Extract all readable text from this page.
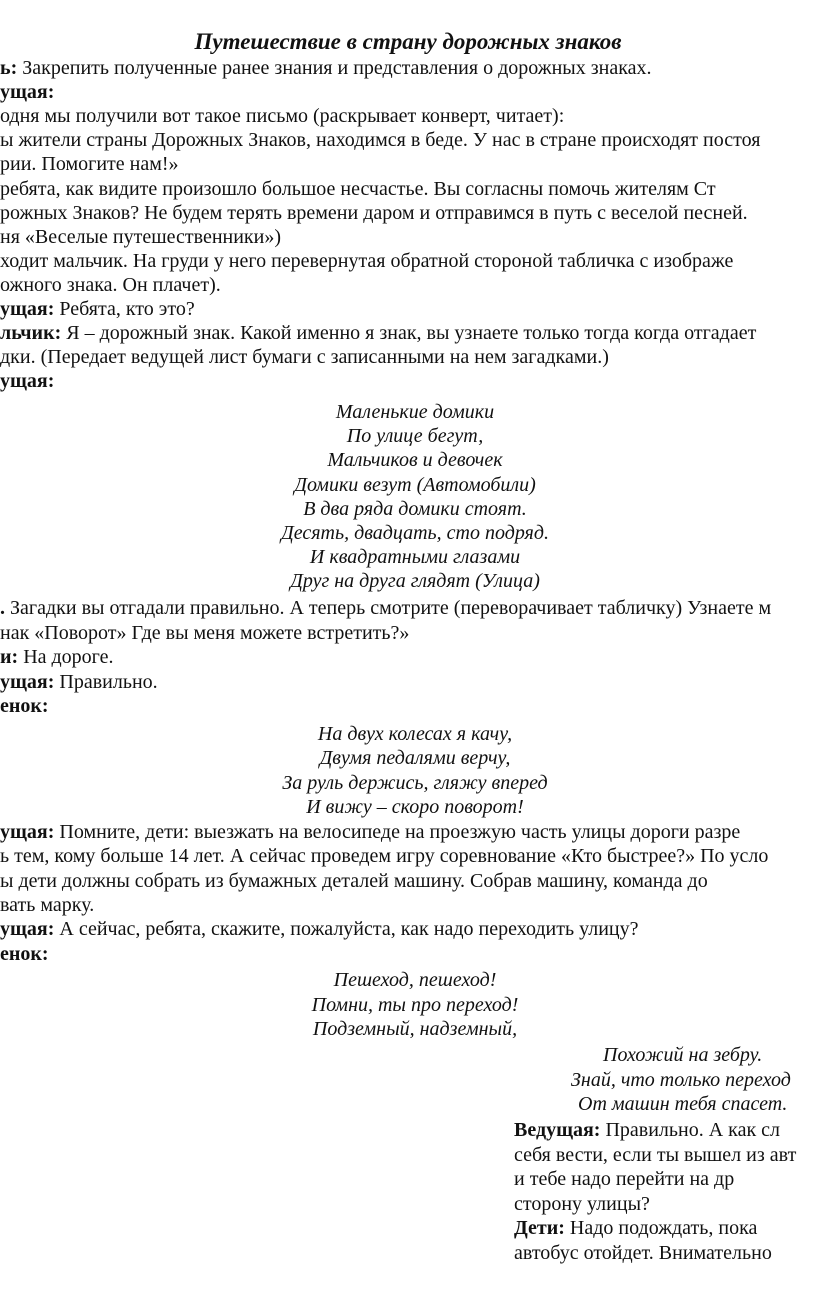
Путешествие в страну дорожных знаков
ь: Закрепить полученные ранее знания и представления о дорожных знаках.
ущая:
одня мы получили вот такое письмо (раскрывает конверт, читает):
ы жители страны Дорожных Знаков, находимся в беде. У нас в стране происходят постоя
рии. Помогите нам!»
ребята, как видите произошло большое несчастье. Вы согласны помочь жителям Ст
рожных Знаков? Не будем терять времени даром и отправимся в путь с веселой песней.
ня «Веселые путешественники»)
ходит мальчик. На груди у него перевернутая обратной стороной табличка с изображе
ожного знака. Он плачет).
ущая: Ребята, кто это?
льчик: Я – дорожный знак. Какой именно я знак, вы узнаете только тогда когда отгадает
дки. (Передает ведущей лист бумаги с записанными на нем загадками.)
ущая:
Маленькие домики
По улице бегут,
Мальчиков и девочек
Домики везут (Автомобили)
В два ряда домики стоят.
Десять, двадцать, сто подряд.
И квадратными глазами
Друг на друга глядят (Улица)
. Загадки вы отгадали правильно. А теперь смотрите (переворачивает табличку) Узнаете м
нак «Поворот» Где вы меня можете встретить?»
и: На дороге.
ущая: Правильно.
енок:
На двух колесах я качу,
Двумя педалями верчу,
За руль держись, гляжу вперед
И вижу – скоро поворот!
ущая: Помните, дети: выезжать на велосипеде на проезжую часть улицы дороги разре
ь тем, кому больше 14 лет. А сейчас проведем игру соревнование «Кто быстрее?» По усло
ы дети должны собрать из бумажных деталей машину. Собрав машину, команда до
вать марку.
ущая: А сейчас, ребята, скажите, пожалуйста, как надо переходить улицу?
енок:
Пешеход, пешеход!
Помни, ты про переход!
Подземный, надземный,
Похожий на зебру.
Знай, что только переход
От машин тебя спасет.
Ведущая: Правильно. А как сл
себя вести, если ты вышел из авт
и тебе надо перейти на др
сторону улицы?
Дети: Надо подождать, пока
автобус отойдет. Внимательно
